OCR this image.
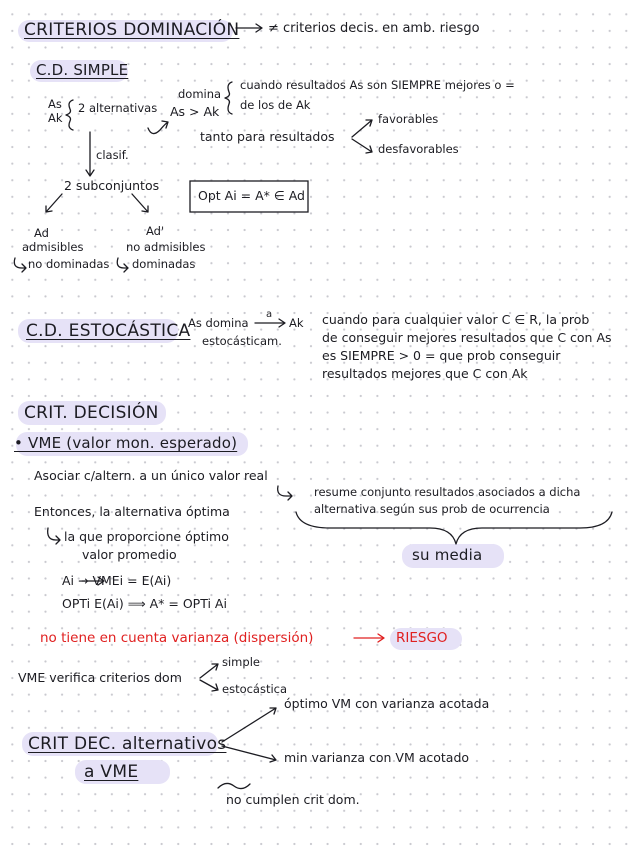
CRITERIOS DOMINACIÓN ≠ criterios decis. en amb. riesgo
C.D. SIMPLE
As
Ak
2 alternativas
domina
As > Ak
cuando resultados As son SIEMPRE mejores o =
de los de Ak
tanto para resultados
favorables
desfavorables
clasif.
2 subconjuntos
Opt Ai = A* ∈ Ad
Ad
admisibles
no dominadas
Ad'
no admisibles
dominadas
C.D. ESTOCÁSTICA
As domina
a
Ak
estocásticam.
cuando para cualquier valor C ∈ R, la prob
de conseguir mejores resultados que C con As
es SIEMPRE > 0 = que prob conseguir
resultados mejores que C con Ak
CRIT. DECISIÓN
• VME (valor mon. esperado)
Asociar c/altern. a un único valor real
resume conjunto resultados asociados a dicha
alternativa según sus prob de ocurrencia
su media
Entonces, la alternativa óptima
la que proporcione óptimo
valor promedio
Ai → VMEi = E(Ai)
OPTi E(Ai) ⟹ A* = OPTi Ai
no tiene en cuenta varianza (dispersión)	RIESGO
VME verifica criterios dom
simple
estocástica
CRIT DEC. alternativos
a VME
óptimo VM con varianza acotada
min varianza con VM acotado
no cumplen crit dom.
